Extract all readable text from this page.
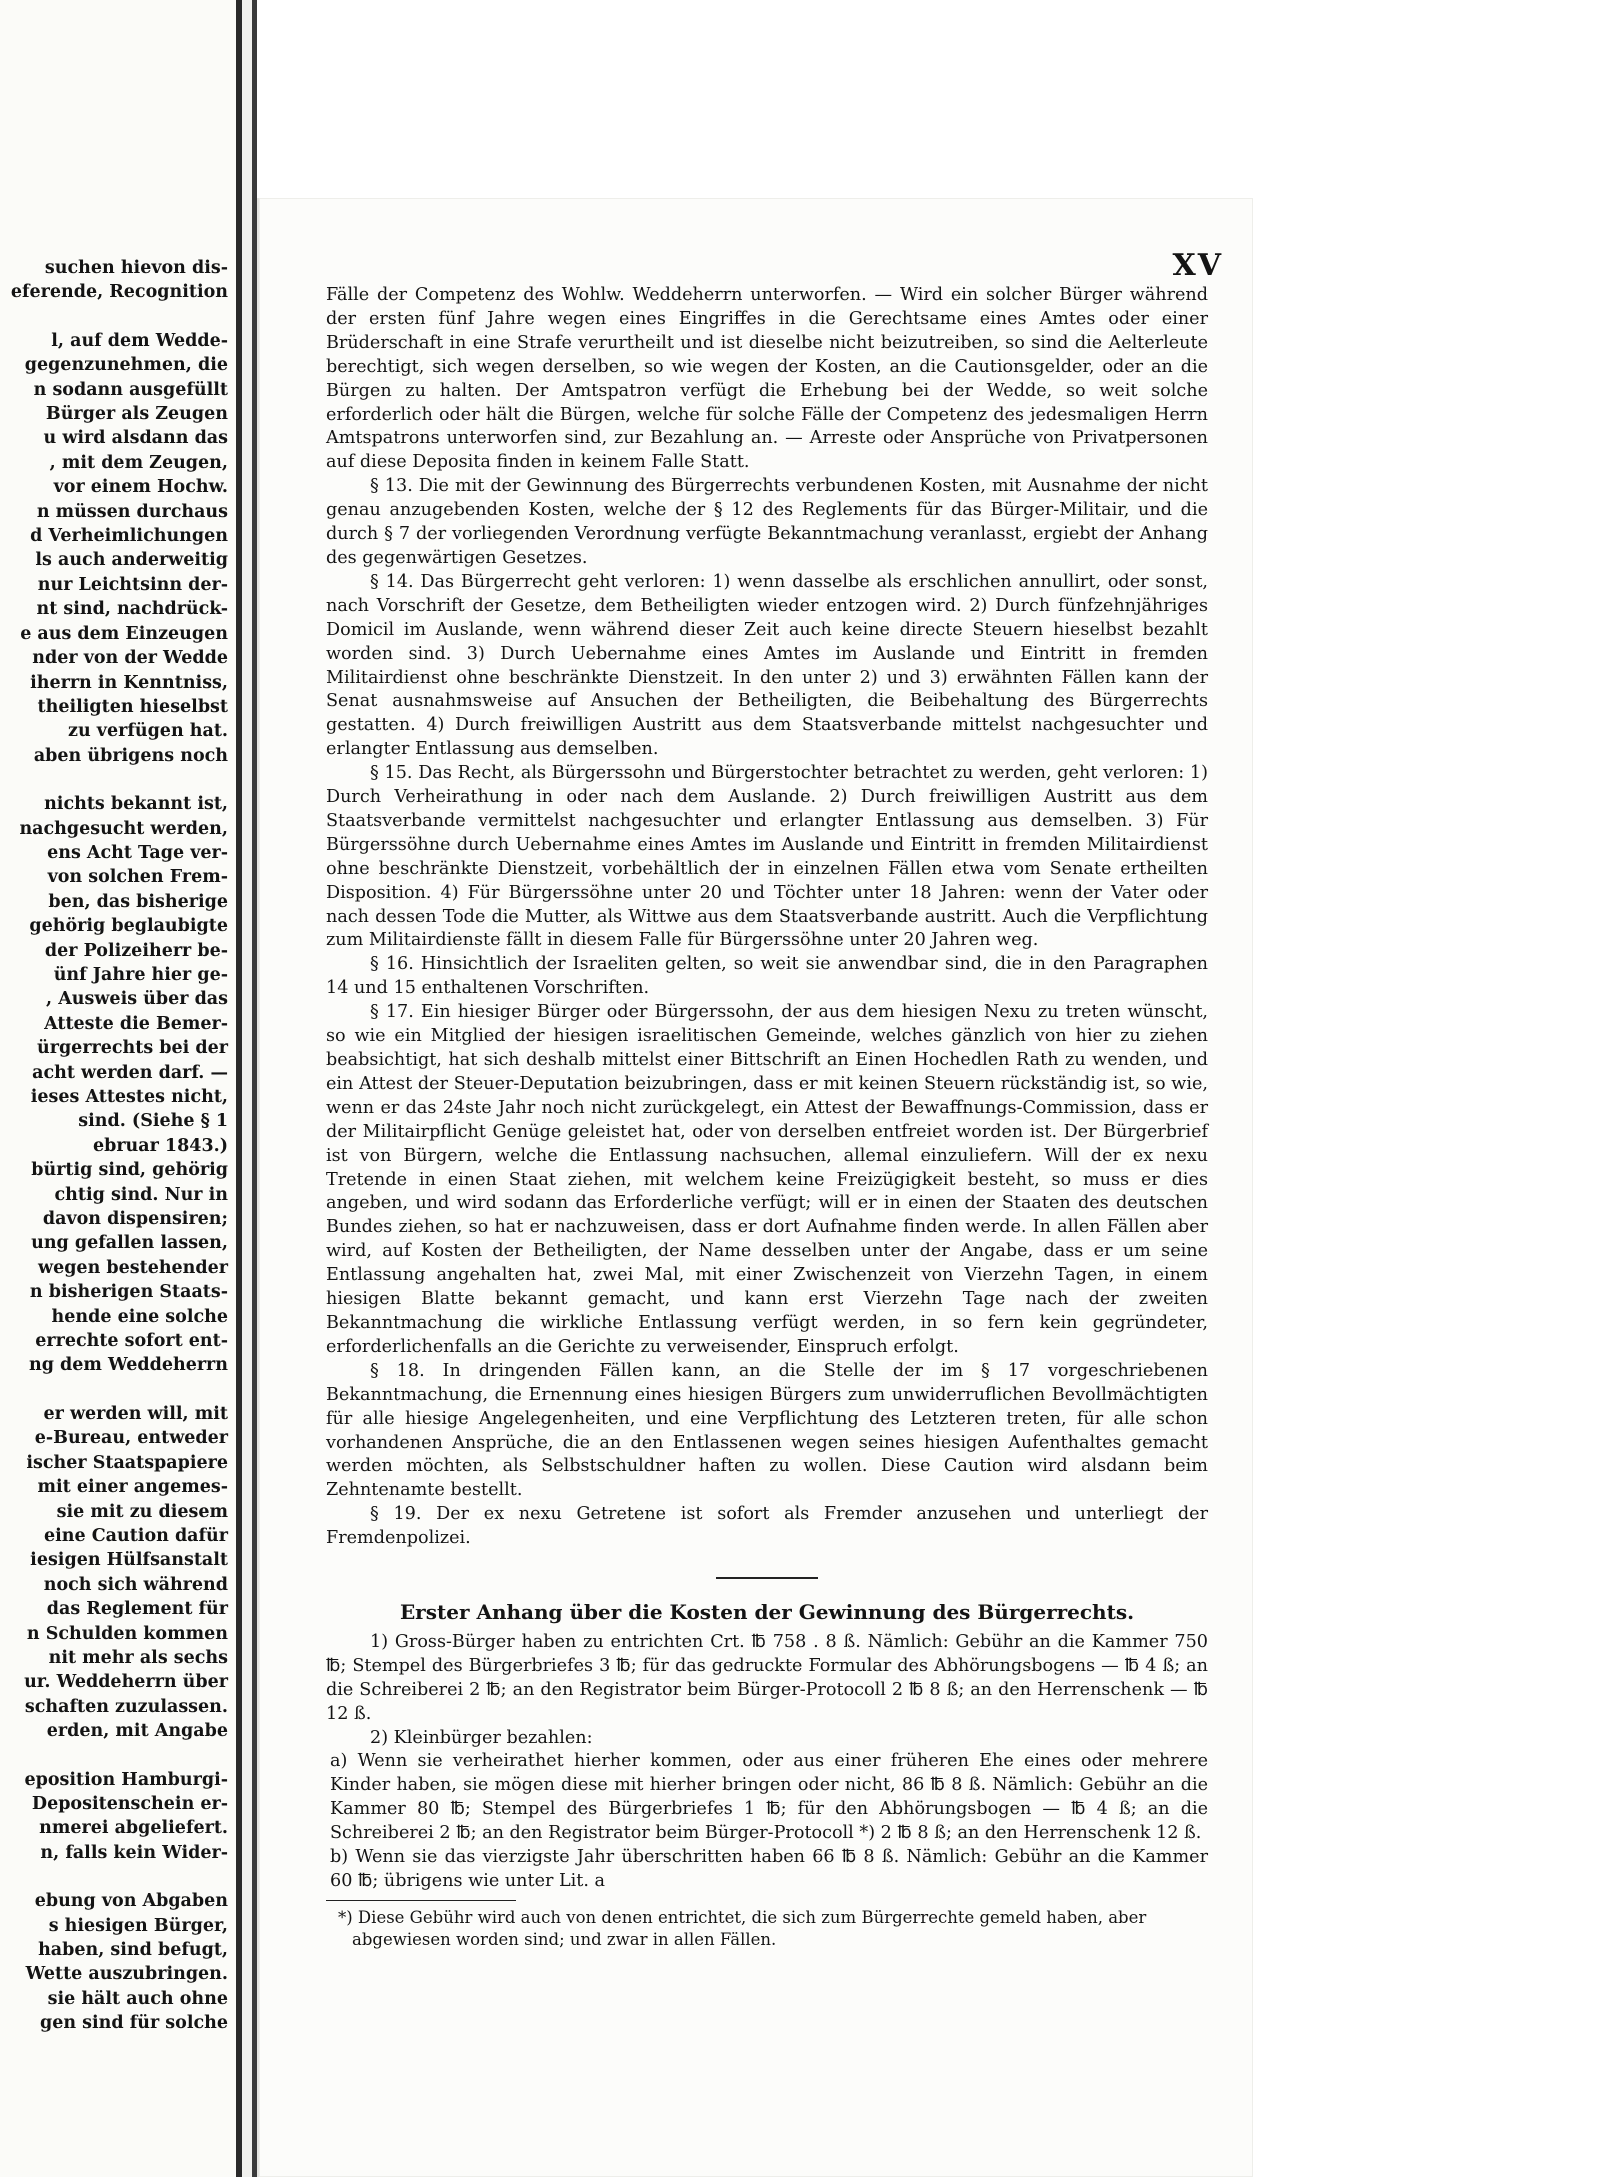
suchen hievon dis-
eferende, Recognition
l, auf dem Wedde-
gegenzunehmen, die
n sodann ausgefüllt
Bürger als Zeugen
u wird alsdann das
, mit dem Zeugen,
vor einem Hochw.
n müssen durchaus
d Verheimlichungen
ls auch anderweitig
nur Leichtsinn der-
nt sind, nachdrück-
e aus dem Einzeugen
nder von der Wedde
iherrn in Kenntniss,
theiligten hieselbst
zu verfügen hat.
aben übrigens noch
nichts bekannt ist,
nachgesucht werden,
ens Acht Tage ver-
von solchen Frem-
ben, das bisherige
gehörig beglaubigte
der Polizeiherr be-
ünf Jahre hier ge-
, Ausweis über das
Atteste die Bemer-
ürgerrechts bei der
acht werden darf. —
ieses Attestes nicht,
sind. (Siehe § 1
ebruar 1843.)
bürtig sind, gehörig
chtig sind. Nur in
davon dispensiren;
ung gefallen lassen,
wegen bestehender
n bisherigen Staats-
hende eine solche
errechte sofort ent-
ng dem Weddeherrn
er werden will, mit
e-Bureau, entweder
ischer Staatspapiere
mit einer angemes-
sie mit zu diesem
eine Caution dafür
iesigen Hülfsanstalt
noch sich während
das Reglement für
n Schulden kommen
nit mehr als sechs
ur. Weddeherrn über
schaften zuzulassen.
erden, mit Angabe
eposition Hamburgi-
Depositenschein er-
nmerei abgeliefert.
n, falls kein Wider-
ebung von Abgaben
s hiesigen Bürger,
haben, sind befugt,
Wette auszubringen.
sie hält auch ohne
gen sind für solche
XV

Fälle der Competenz des Wohlw. Weddeherrn unterworfen. — Wird ein solcher Bürger während der ersten fünf Jahre wegen eines Eingriffes in die Gerechtsame eines Amtes oder einer Brüderschaft in eine Strafe verurtheilt und ist dieselbe nicht beizutreiben, so sind die Aelterleute berechtigt, sich wegen derselben, so wie wegen der Kosten, an die Cautionsgelder, oder an die Bürgen zu halten. Der Amtspatron verfügt die Erhebung bei der Wedde, so weit solche erforderlich oder hält die Bürgen, welche für solche Fälle der Competenz des jedesmaligen Herrn Amtspatrons unterworfen sind, zur Bezahlung an. — Arreste oder Ansprüche von Privatpersonen auf diese Deposita finden in keinem Falle Statt.

§ 13. Die mit der Gewinnung des Bürgerrechts verbundenen Kosten, mit Ausnahme der nicht genau anzugebenden Kosten, welche der § 12 des Reglements für das Bürger-Militair, und die durch § 7 der vorliegenden Verordnung verfügte Bekanntmachung veranlasst, ergiebt der Anhang des gegenwärtigen Gesetzes.

§ 14. Das Bürgerrecht geht verloren: 1) wenn dasselbe als erschlichen annullirt, oder sonst, nach Vorschrift der Gesetze, dem Betheiligten wieder entzogen wird. 2) Durch fünfzehnjähriges Domicil im Auslande, wenn während dieser Zeit auch keine directe Steuern hieselbst bezahlt worden sind. 3) Durch Uebernahme eines Amtes im Auslande und Eintritt in fremden Militairdienst ohne beschränkte Dienstzeit. In den unter 2) und 3) erwähnten Fällen kann der Senat ausnahmsweise auf Ansuchen der Betheiligten, die Beibehaltung des Bürgerrechts gestatten. 4) Durch freiwilligen Austritt aus dem Staatsverbande mittelst nachgesuchter und erlangter Entlassung aus demselben.

§ 15. Das Recht, als Bürgerssohn und Bürgerstochter betrachtet zu werden, geht verloren: 1) Durch Verheirathung in oder nach dem Auslande. 2) Durch freiwilligen Austritt aus dem Staatsverbande vermittelst nachgesuchter und erlangter Entlassung aus demselben. 3) Für Bürgerssöhne durch Uebernahme eines Amtes im Auslande und Eintritt in fremden Militairdienst ohne beschränkte Dienstzeit, vorbehältlich der in einzelnen Fällen etwa vom Senate ertheilten Disposition. 4) Für Bürgerssöhne unter 20 und Töchter unter 18 Jahren: wenn der Vater oder nach dessen Tode die Mutter, als Wittwe aus dem Staatsverbande austritt. Auch die Verpflichtung zum Militairdienste fällt in diesem Falle für Bürgerssöhne unter 20 Jahren weg.

§ 16. Hinsichtlich der Israeliten gelten, so weit sie anwendbar sind, die in den Paragraphen 14 und 15 enthaltenen Vorschriften.

§ 17. Ein hiesiger Bürger oder Bürgerssohn, der aus dem hiesigen Nexu zu treten wünscht, so wie ein Mitglied der hiesigen israelitischen Gemeinde, welches gänzlich von hier zu ziehen beabsichtigt, hat sich deshalb mittelst einer Bittschrift an Einen Hochedlen Rath zu wenden, und ein Attest der Steuer-Deputation beizubringen, dass er mit keinen Steuern rückständig ist, so wie, wenn er das 24ste Jahr noch nicht zurückgelegt, ein Attest der Bewaffnungs-Commission, dass er der Militairpflicht Genüge geleistet hat, oder von derselben entfreiet worden ist. Der Bürgerbrief ist von Bürgern, welche die Entlassung nachsuchen, allemal einzuliefern. Will der ex nexu Tretende in einen Staat ziehen, mit welchem keine Freizügigkeit besteht, so muss er dies angeben, und wird sodann das Erforderliche verfügt; will er in einen der Staaten des deutschen Bundes ziehen, so hat er nachzuweisen, dass er dort Aufnahme finden werde. In allen Fällen aber wird, auf Kosten der Betheiligten, der Name desselben unter der Angabe, dass er um seine Entlassung angehalten hat, zwei Mal, mit einer Zwischenzeit von Vierzehn Tagen, in einem hiesigen Blatte bekannt gemacht, und kann erst Vierzehn Tage nach der zweiten Bekanntmachung die wirkliche Entlassung verfügt werden, in so fern kein gegründeter, erforderlichenfalls an die Gerichte zu verweisender, Einspruch erfolgt.

§ 18. In dringenden Fällen kann, an die Stelle der im § 17 vorgeschriebenen Bekanntmachung, die Ernennung eines hiesigen Bürgers zum unwiderruflichen Bevollmächtigten für alle hiesige Angelegenheiten, und eine Verpflichtung des Letzteren treten, für alle schon vorhandenen Ansprüche, die an den Entlassenen wegen seines hiesigen Aufenthaltes gemacht werden möchten, als Selbstschuldner haften zu wollen. Diese Caution wird alsdann beim Zehntenamte bestellt.

§ 19. Der ex nexu Getretene ist sofort als Fremder anzusehen und unterliegt der Fremdenpolizei.

Erster Anhang über die Kosten der Gewinnung des Bürgerrechts.

1) Gross-Bürger haben zu entrichten Crt. ℔ 758 . 8 ß. Nämlich: Gebühr an die Kammer 750 ℔; Stempel des Bürgerbriefes 3 ℔; für das gedruckte Formular des Abhörungsbogens — ℔ 4 ß; an die Schreiberei 2 ℔; an den Registrator beim Bürger-Protocoll 2 ℔ 8 ß; an den Herrenschenk — ℔ 12 ß.

2) Kleinbürger bezahlen:

a) Wenn sie verheirathet hierher kommen, oder aus einer früheren Ehe eines oder mehrere Kinder haben, sie mögen diese mit hierher bringen oder nicht, 86 ℔ 8 ß. Nämlich: Gebühr an die Kammer 80 ℔; Stempel des Bürgerbriefes 1 ℔; für den Abhörungsbogen — ℔ 4 ß; an die Schreiberei 2 ℔; an den Registrator beim Bürger-Protocoll *) 2 ℔ 8 ß; an den Herrenschenk 12 ß.

b) Wenn sie das vierzigste Jahr überschritten haben 66 ℔ 8 ß. Nämlich: Gebühr an die Kammer 60 ℔; übrigens wie unter Lit. a

*) Diese Gebühr wird auch von denen entrichtet, die sich zum Bürgerrechte gemeld haben, aber abgewiesen worden sind; und zwar in allen Fällen.
